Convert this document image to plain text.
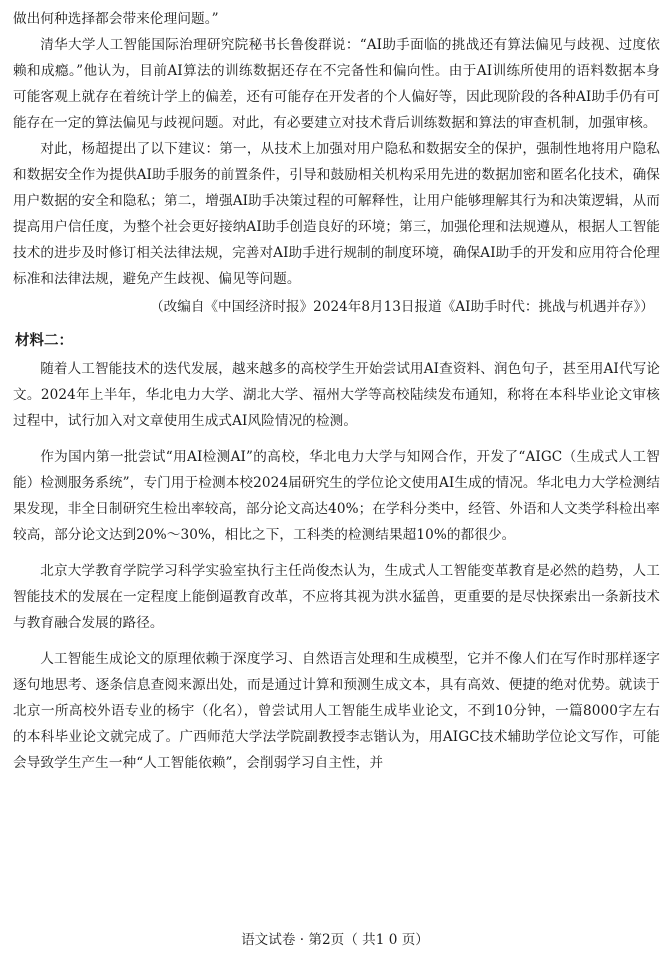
做出何种选择都会带来伦理问题。”

清华大学人工智能国际治理研究院秘书长鲁俊群说：“AI助手面临的挑战还有算法偏见与歧视、过度依赖和成瘾。”他认为，目前AI算法的训练数据还存在不完备性和偏向性。由于AI训练所使用的语料数据本身可能客观上就存在着统计学上的偏差，还有可能存在开发者的个人偏好等，因此现阶段的各种AI助手仍有可能存在一定的算法偏见与歧视问题。对此，有必要建立对技术背后训练数据和算法的审查机制，加强审核。

对此，杨超提出了以下建议：第一，从技术上加强对用户隐私和数据安全的保护，强制性地将用户隐私和数据安全作为提供AI助手服务的前置条件，引导和鼓励相关机构采用先进的数据加密和匿名化技术，确保用户数据的安全和隐私；第二，增强AI助手决策过程的可解释性，让用户能够理解其行为和决策逻辑，从而提高用户信任度，为整个社会更好接纳AI助手创造良好的环境；第三，加强伦理和法规遵从，根据人工智能技术的进步及时修订相关法律法规，完善对AI助手进行规制的制度环境，确保AI助手的开发和应用符合伦理标准和法律法规，避免产生歧视、偏见等问题。

（改编自《中国经济时报》2024年8月13日报道《AI助手时代：挑战与机遇并存》）

材料二：

随着人工智能技术的迭代发展，越来越多的高校学生开始尝试用AI查资料、润色句子，甚至用AI代写论文。2024年上半年，华北电力大学、湖北大学、福州大学等高校陆续发布通知，称将在本科毕业论文审核过程中，试行加入对文章使用生成式AI风险情况的检测。

作为国内第一批尝试“用AI检测AI”的高校，华北电力大学与知网合作，开发了“AIGC（生成式人工智能）检测服务系统”，专门用于检测本校2024届研究生的学位论文使用AI生成的情况。华北电力大学检测结果发现，非全日制研究生检出率较高，部分论文高达40%；在学科分类中，经管、外语和人文类学科检出率较高，部分论文达到20%～30%，相比之下，工科类的检测结果超10%的都很少。

北京大学教育学院学习科学实验室执行主任尚俊杰认为，生成式人工智能变革教育是必然的趋势，人工智能技术的发展在一定程度上能倒逼教育改革，不应将其视为洪水猛兽，更重要的是尽快探索出一条新技术与教育融合发展的路径。

人工智能生成论文的原理依赖于深度学习、自然语言处理和生成模型，它并不像人们在写作时那样逐字逐句地思考、逐条信息查阅来源出处，而是通过计算和预测生成文本，具有高效、便捷的绝对优势。就读于北京一所高校外语专业的杨宇（化名），曾尝试用人工智能生成毕业论文，不到10分钟，一篇8000字左右的本科毕业论文就完成了。广西师范大学法学院副教授李志锴认为，用AIGC技术辅助学位论文写作，可能会导致学生产生一种“人工智能依赖”，会削弱学习自主性，并

语文试卷 · 第2页（ 共1 0 页）
